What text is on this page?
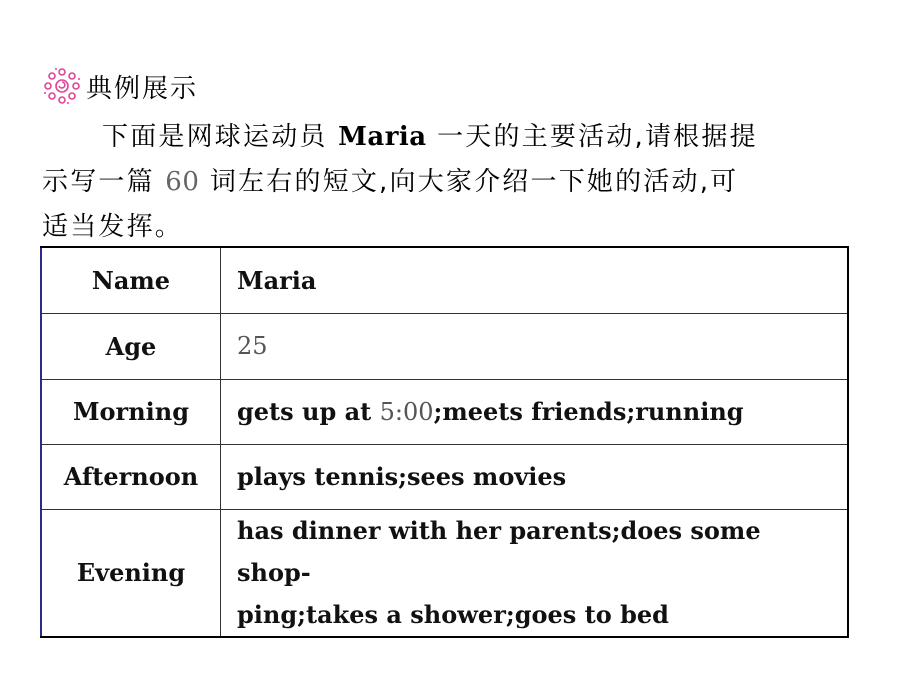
典例展示
下面是网球运动员 Maria 一天的主要活动,请根据提
示写一篇 60 词左右的短文,向大家介绍一下她的活动,可
适当发挥。
Name	Maria
Age	25
Morning	gets up at 5:00;meets friends;running
Afternoon	plays tennis;sees movies
Evening	has dinner with her parents;does some shop-
ping;takes a shower;goes to bed
